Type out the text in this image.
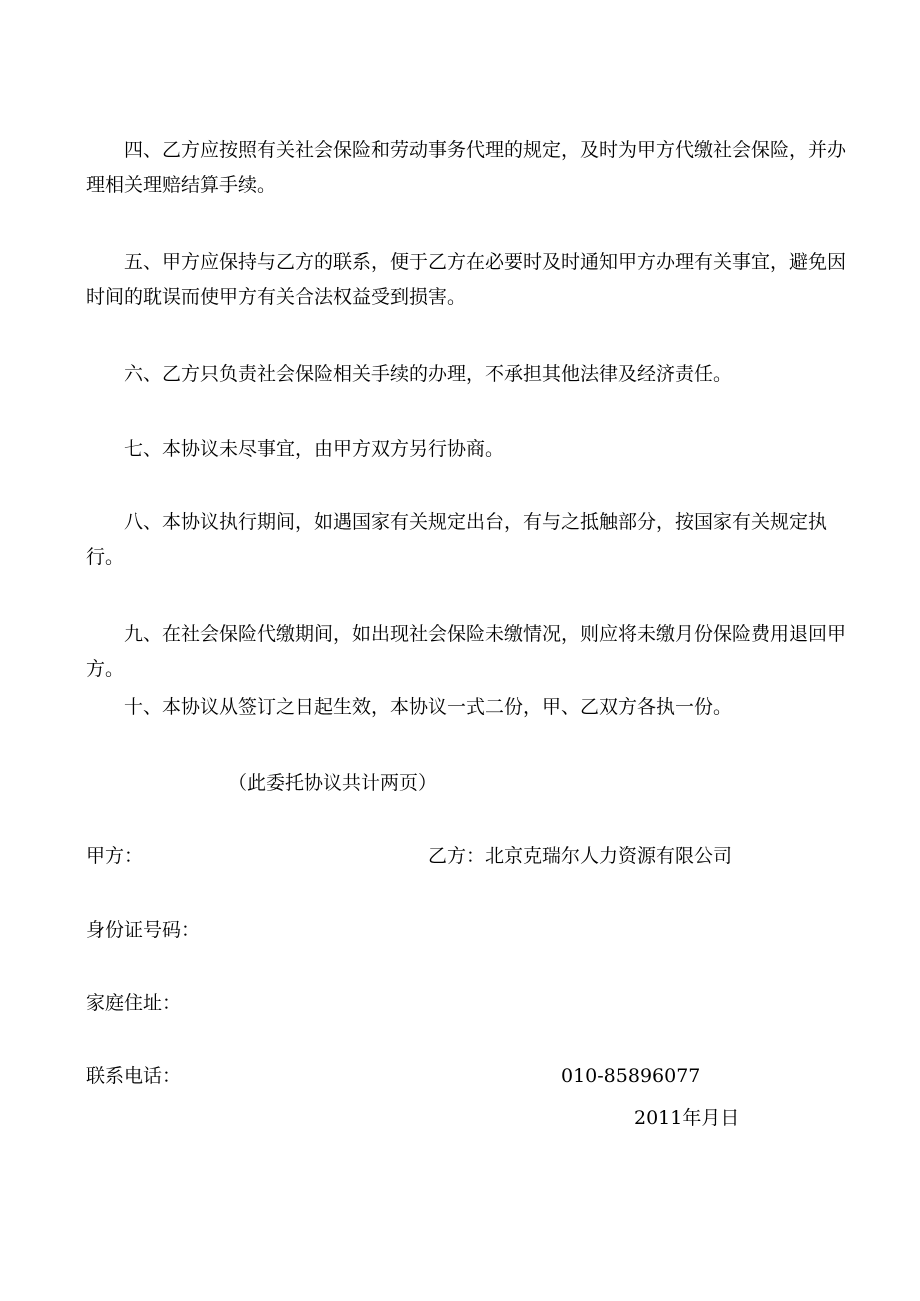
四、乙方应按照有关社会保险和劳动事务代理的规定，及时为甲方代缴社会保险，并办理相关理赔结算手续。

五、甲方应保持与乙方的联系，便于乙方在必要时及时通知甲方办理有关事宜，避免因时间的耽误而使甲方有关合法权益受到损害。

六、乙方只负责社会保险相关手续的办理，不承担其他法律及经济责任。

七、本协议未尽事宜，由甲方双方另行协商。

八、本协议执行期间，如遇国家有关规定出台，有与之抵触部分，按国家有关规定执行。

九、在社会保险代缴期间，如出现社会保险未缴情况，则应将未缴月份保险费用退回甲方。

十、本协议从签订之日起生效，本协议一式二份，甲、乙双方各执一份。

（此委托协议共计两页）

甲方：	乙方：北京克瑞尔人力资源有限公司

身份证号码：

家庭住址：

联系电话：	010-85896077

2011年月日
